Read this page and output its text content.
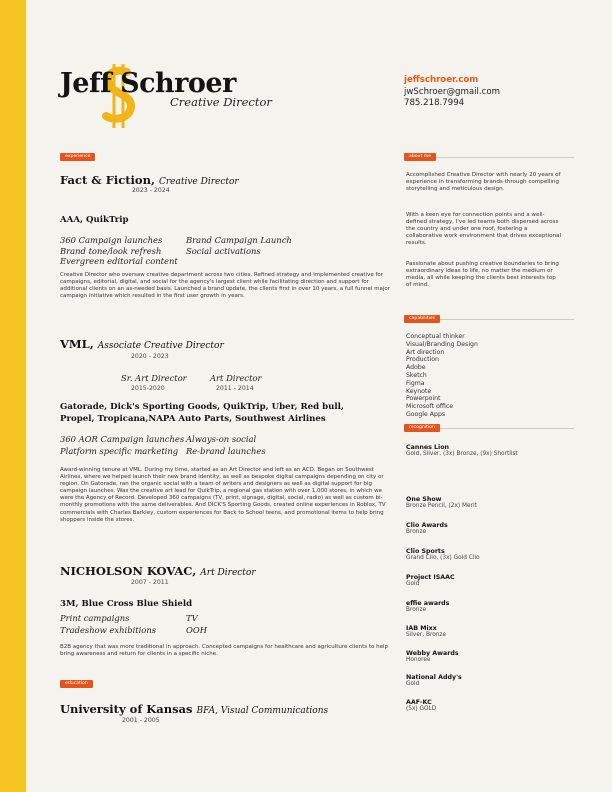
Jeff Schroer
Creative Director
jeffschroer.com
jwSchroer@gmail.com
785.218.7994
experience	about me
Fact & Fiction, Creative Director
2023 - 2024
AAA, QuikTrip
360 Campaign launches
Brand tone/look refresh
Evergreen editorial content
Brand Campaign Launch
Social activations
Creative Director who oversaw creative department across two cities. Refined strategy and implemented creative for campaigns, editorial, digital, and social for the agency's largest client while facilitating direction and support for additional clients on an as-needed basis. Launched a brand update, the clients first in over 10 years, a full funnel major campaign initiative which resulted in the first user growth in years.
VML, Associate Creative Director
2020 - 2023
Sr. Art Director
2015-2020
Art Director
2011 - 2014
Gatorade, Dick's Sporting Goods, QuikTrip, Uber, Red bull, Propel, Tropicana,NAPA Auto Parts, Southwest Airlines
360 AOR Campaign launches
Platform specific marketing
Always-on social
Re-brand launches
Award-winning tenure at VML. During my time, started as an Art Director and left as an ACD. Began on Southwest Airlines, where we helped launch their new brand identity, as well as bespoke digital campaigns depending on city or region. On Gatorade, ran the organic social with a team of writers and designers as well as digital support for big campaign launches. Was the creative art lead for QuikTrip, a regional gas station with over 1,000 stores, in which we were the Agency of Record. Developed 360 campaigns (TV, print, signage, digital, social, radio) as well as custom bi-monthly promotions with the same deliverables. And DICK'S Sporting Goods, created online experiences in Roblox, TV commercials with Charles Barkley, custom experiences for Back to School teens, and promotional items to help bring shoppers inside the stores.
NICHOLSON KOVAC, Art Director
2007 - 2011
3M, Blue Cross Blue Shield
Print campaigns
Tradeshow exhibitions
TV
OOH
B2B agency that was more traditional in approach. Concepted campaigns for healthcare and agriculture clients to help bring awareness and return for clients in a specific niche.
education
University of Kansas BFA, Visual Communications
2001 - 2005
Accomplished Creative Director with nearly 20 years of experience in transforming brands through compelling storytelling and meticulous design.
With a keen eye for connection points and a well-defined strategy, I've led teams both dispersed across the country and under one roof, fostering a collaborative work environment that drives exceptional results.
Passionate about pushing creative boundaries to bring extraordinary ideas to life, no matter the medium or media, all while keeping the clients best interests top of mind.
capabilities
Conceptual thinker
Visual/Branding Design
Art direction
Production
Adobe
Sketch
Figma
Keynote
Powerpoint
Microsoft office
Google Apps
recognition
Cannes Lion
Gold, Silver, (3x) Bronze, (9x) Shortlist
One Show
Bronze Pencil, (2x) Merit
Clio Awards
Bronze
Clio Sports
Grand Clio, (3x) Gold Clio
Project ISAAC
Gold
effie awards
Bronze
IAB Mixx
Silver, Bronze
Webby Awards
Honoree
National Addy's
Gold
AAF-KC
(5x) GOLD
